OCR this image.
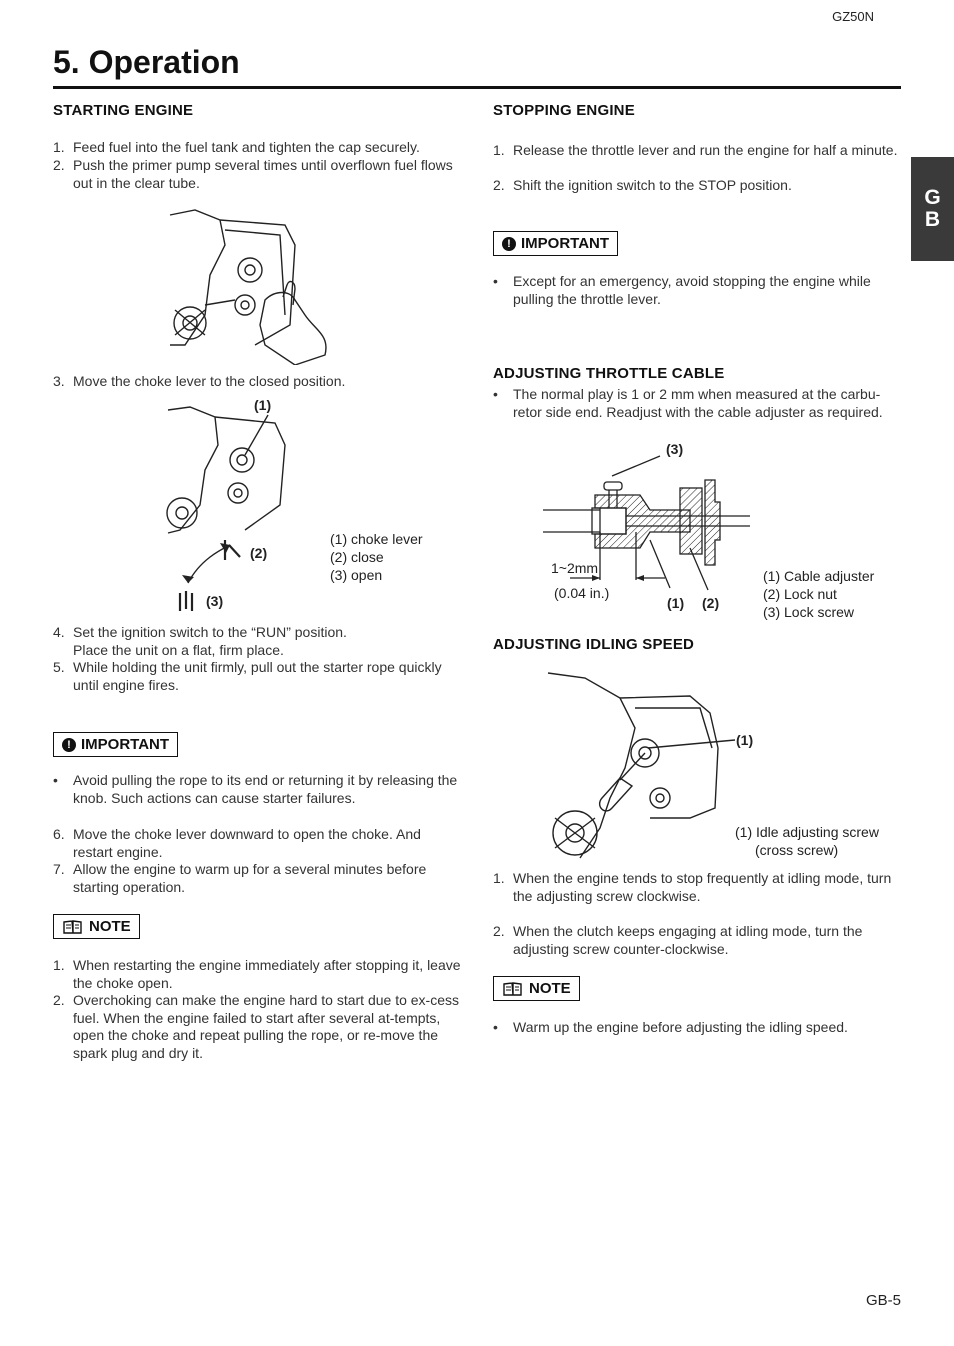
GZ50N
5. Operation
G
B
STARTING ENGINE
1. Feed fuel into the fuel tank and tighten the cap securely.
2. Push the primer pump several times until overflown fuel flows out in the clear tube.
3. Move the choke lever to the closed position.
(1)
(2)
(3)
(1) choke lever
(2) close
(3) open
4. Set the ignition switch to the “RUN” position.
Place the unit on a flat, firm place.
5. While holding the unit firmly, pull out the starter rope quickly until engine fires.
! IMPORTANT
• Avoid pulling the rope to its end or returning it by releasing the knob. Such actions can cause starter failures.
6. Move the choke lever downward to open the choke. And restart engine.
7. Allow the engine to warm up for a several minutes before starting operation.
NOTE
1. When restarting the engine immediately after stopping it, leave the choke open.
2. Overchoking can make the engine hard to start due to ex-cess fuel. When the engine failed to start after several at-tempts, open the choke and repeat pulling the rope, or re-move the spark plug and dry it.
STOPPING ENGINE
1. Release the throttle lever and run the engine for half a minute.
2. Shift the ignition switch to the STOP position.
! IMPORTANT
• Except for an emergency, avoid stopping the engine while pulling the throttle lever.
ADJUSTING THROTTLE CABLE
• The normal play is 1 or 2 mm when measured at the carbu-retor side end. Readjust with the cable adjuster as required.
(3)
1~2mm
(0.04 in.)
(1) (2)
(1) Cable adjuster
(2) Lock nut
(3) Lock screw
ADJUSTING IDLING SPEED
(1)
(1) Idle adjusting screw
(cross screw)
1. When the engine tends to stop frequently at idling mode, turn the adjusting screw clockwise.
2. When the clutch keeps engaging at idling mode, turn the adjusting screw counter-clockwise.
NOTE
• Warm up the engine before adjusting the idling speed.
GB-5
